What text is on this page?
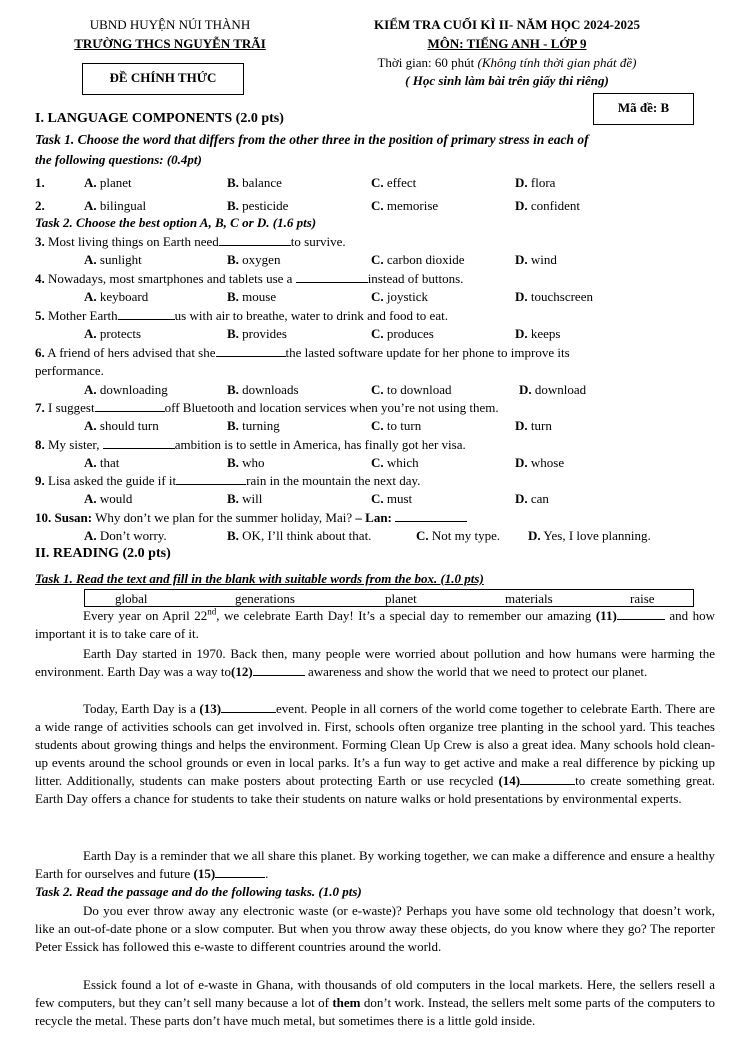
UBND HUYỆN NÚI THÀNH
TRƯỜNG THCS NGUYỄN TRÃI
ĐỀ CHÍNH THỨC
KIỂM TRA CUỐI KÌ II- NĂM HỌC 2024-2025
MÔN: TIẾNG ANH - LỚP 9
Thời gian: 60 phút (Không tính thời gian phát đề)
( Học sinh làm bài trên giấy thi riêng)
Mã đề: B
I. LANGUAGE COMPONENTS (2.0 pts)
Task 1. Choose the word that differs from the other three in the position of primary stress in each of
the following questions: (0.4pt)
1.	A. planet	B. balance	C. effect	D. flora
2.	A. bilingual	B. pesticide	C. memorise	D. confident
Task 2. Choose the best option A, B, C or D. (1.6 pts)
3. Most living things on Earth need	to survive.
A. sunlight	B. oxygen	C. carbon dioxide	D. wind
4. Nowadays, most smartphones and tablets use a	instead of buttons.
A. keyboard	B. mouse	C. joystick	D. touchscreen
5. Mother Earth	us with air to breathe, water to drink and food to eat.
A. protects	B. provides	C. produces	D. keeps
6. A friend of hers advised that she	the lasted software update for her phone to improve its
performance.
A. downloading	B. downloads	C. to download	D. download
7. I suggest	off Bluetooth and location services when you’re not using them.
A. should turn	B. turning	C. to turn	D. turn
8. My sister,	ambition is to settle in America, has finally got her visa.
A. that	B. who	C. which	D. whose
9. Lisa asked the guide if it	rain in the mountain the next day.
A. would	B. will	C. must	D. can
10. Susan: Why don’t we plan for the summer holiday, Mai? – Lan:
A. Don’t worry.	B. OK, I’ll think about that.	C. Not my type. D. Yes, I love planning.
II. READING (2.0 pts)
Task 1. Read the text and fill in the blank with suitable words from the box. (1.0 pts)
global	generations	planet	materials	raise
Every year on April 22nd, we celebrate Earth Day! It’s a special day to remember our amazing (11)	and how important it is to take care of it.
Earth Day started in 1970. Back then, many people were worried about pollution and how humans were harming the environment. Earth Day was a way to(12)	awareness and show the world that we need to protect our planet.
Today, Earth Day is a (13)	event. People in all corners of the world come together to celebrate Earth. There are a wide range of activities schools can get involved in. First, schools often organize tree planting in the school yard. This teaches students about growing things and helps the environment. Forming Clean Up Crew is also a great idea. Many schools hold clean-up events around the school grounds or even in local parks. It’s a fun way to get active and make a real difference by picking up litter. Additionally, students can make posters about protecting Earth or use recycled (14)	to create something great. Earth Day offers a chance for students to take their students on nature walks or hold presentations by environmental experts.
Earth Day is a reminder that we all share this planet. By working together, we can make a difference and ensure a healthy Earth for ourselves and future (15)	.
Task 2. Read the passage and do the following tasks. (1.0 pts)
Do you ever throw away any electronic waste (or e-waste)? Perhaps you have some old technology that doesn’t work, like an out-of-date phone or a slow computer. But when you throw away these objects, do you know where they go? The reporter Peter Essick has followed this e-waste to different countries around the world.
Essick found a lot of e-waste in Ghana, with thousands of old computers in the local markets. Here, the sellers resell a few computers, but they can’t sell many because a lot of them don’t work. Instead, the sellers melt some parts of the computers to recycle the metal. These parts don’t have much metal, but sometimes there is a little gold inside.
